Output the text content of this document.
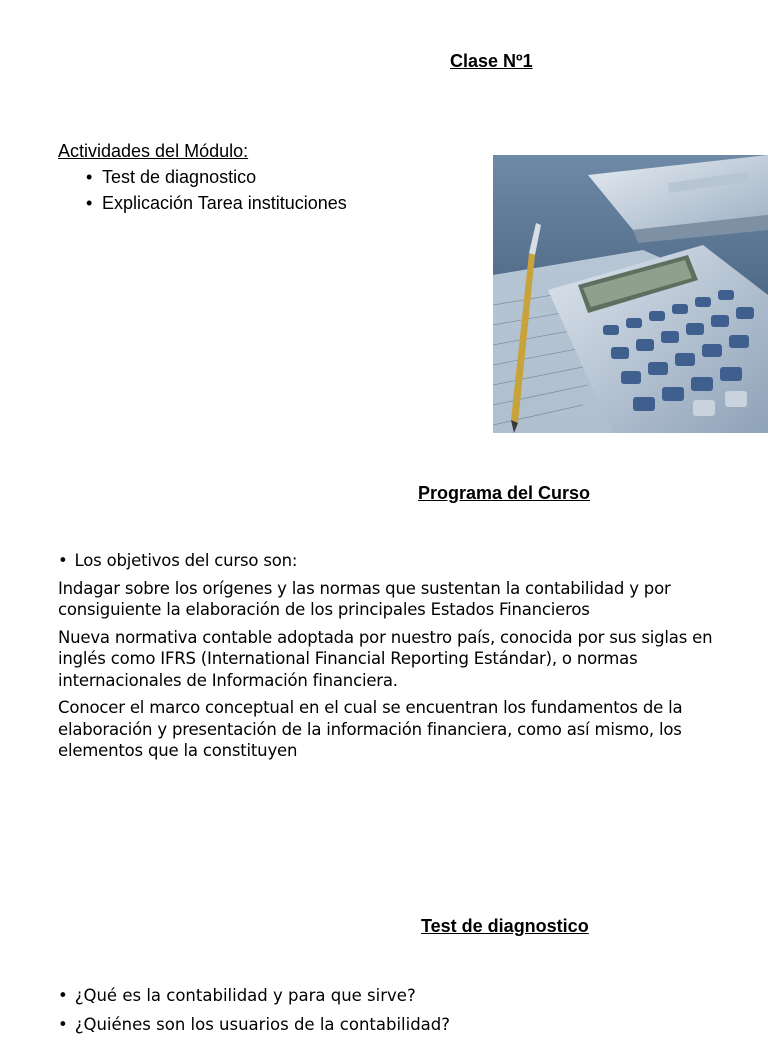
Clase Nº1
Actividades del Módulo:
• Test de diagnostico
• Explicación Tarea instituciones
Programa del Curso

• Los objetivos del curso son:

Indagar sobre los orígenes y las normas que sustentan la contabilidad y por consiguiente la elaboración de los principales Estados Financieros

Nueva normativa contable adoptada por nuestro país, conocida por sus siglas en inglés como IFRS (International Financial Reporting Estándar), o normas internacionales de Información financiera.

Conocer el marco conceptual en el cual se encuentran los fundamentos de la elaboración y presentación de la información financiera, como así mismo, los elementos que la constituyen

Test de diagnostico
• ¿Qué es la contabilidad y para que sirve?
• ¿Quiénes son los usuarios de la contabilidad?
